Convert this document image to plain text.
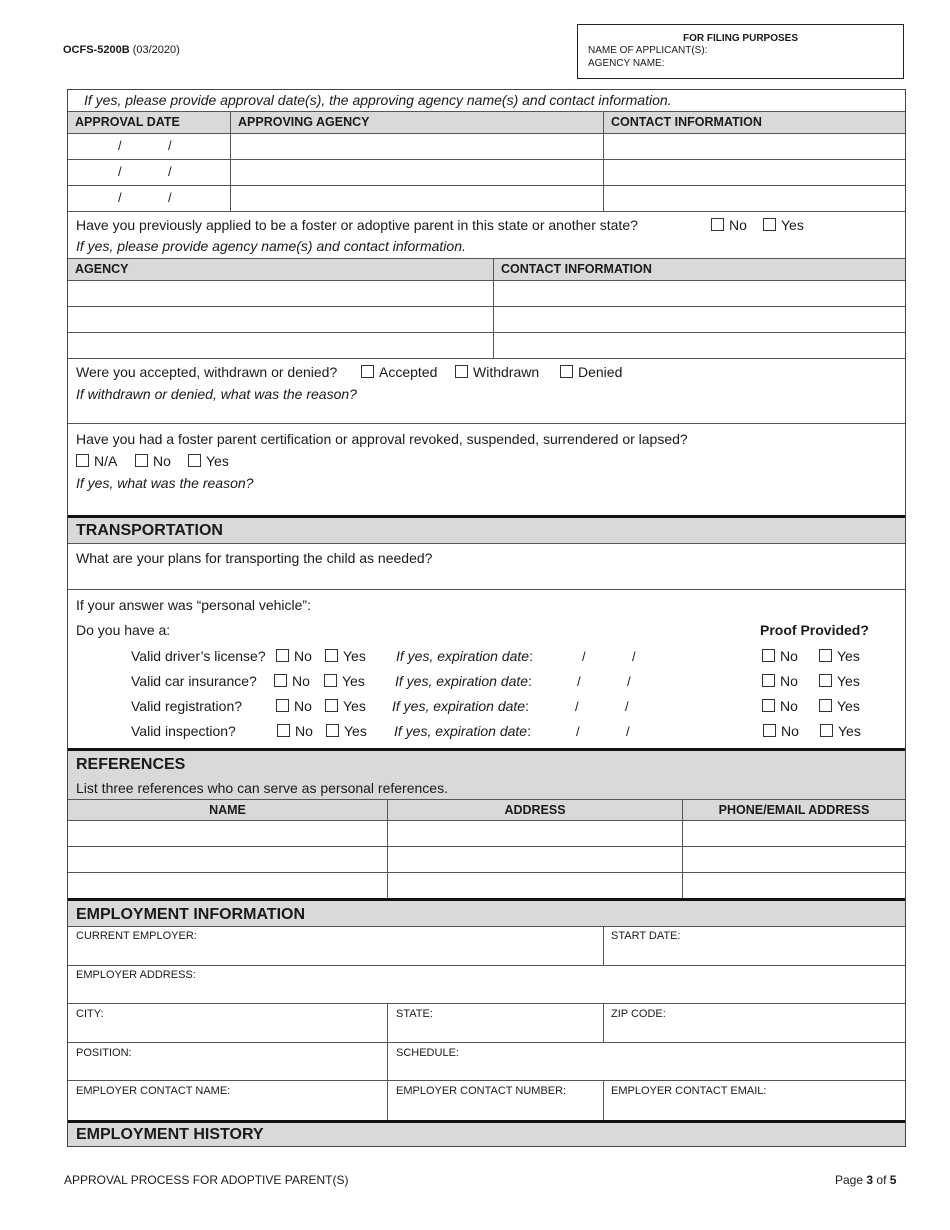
OCFS-5200B (03/2020)
FOR FILING PURPOSES
NAME OF APPLICANT(S):
AGENCY NAME:
If yes, please provide approval date(s), the approving agency name(s) and contact information.
APPROVAL DATE	APPROVING AGENCY	CONTACT INFORMATION
/	/
/	/
/	/
Have you previously applied to be a foster or adoptive parent in this state or another state?	No	Yes
If yes, please provide agency name(s) and contact information.
AGENCY	CONTACT INFORMATION
Were you accepted, withdrawn or denied?	Accepted	Withdrawn	Denied
If withdrawn or denied, what was the reason?
Have you had a foster parent certification or approval revoked, suspended, surrendered or lapsed?
N/A	No	Yes
If yes, what was the reason?
TRANSPORTATION
What are your plans for transporting the child as needed?
If your answer was “personal vehicle”:
Do you have a:	Proof Provided?
Valid driver’s license?	No	Yes If yes, expiration date:	/	/	No	Yes
Valid car insurance?	No	Yes If yes, expiration date:	/	/	No	Yes
Valid registration?	No	Yes If yes, expiration date:	/	/	No	Yes
Valid inspection?	No	Yes If yes, expiration date:	/	/	No	Yes
REFERENCES
List three references who can serve as personal references.
NAME	ADDRESS	PHONE/EMAIL ADDRESS
EMPLOYMENT INFORMATION
CURRENT EMPLOYER:	START DATE:
EMPLOYER ADDRESS:
CITY:	STATE:	ZIP CODE:
POSITION:	SCHEDULE:
EMPLOYER CONTACT NAME:	EMPLOYER CONTACT NUMBER:	EMPLOYER CONTACT EMAIL:
EMPLOYMENT HISTORY
APPROVAL PROCESS FOR ADOPTIVE PARENT(S)	Page 3 of 5
